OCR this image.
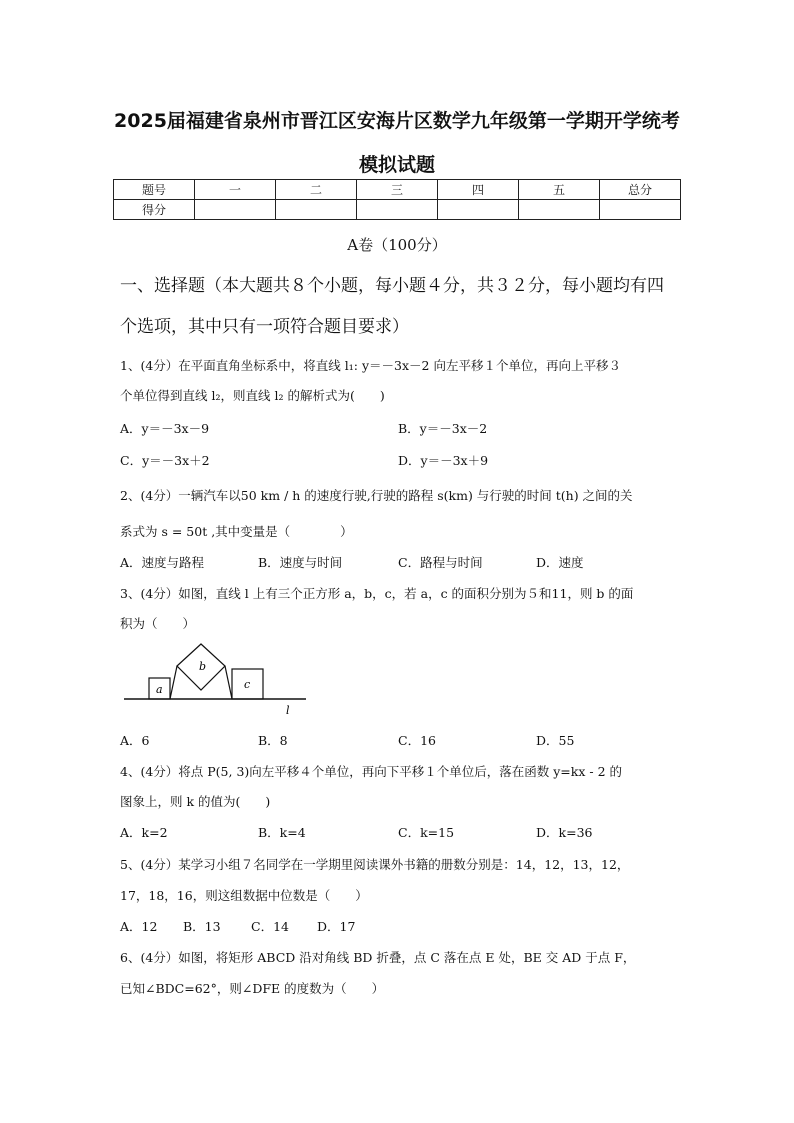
2025届福建省泉州市晋江区安海片区数学九年级第一学期开学统考
模拟试题
题号	一	二	三	四	五	总分
得分						
A卷（100分）
一、选择题（本大题共８个小题，每小题４分，共３２分，每小题均有四个选项，其中只有一项符合题目要求）
1、(4分）在平面直角坐标系中，将直线 l₁: y＝－3x－2 向左平移１个单位，再向上平移３
个单位得到直线 l₂，则直线 l₂ 的解析式为(　　)
A．y＝－3x－9	B．y＝－3x－2
C．y＝－3x＋2	D．y＝－3x＋9
2、(4分）一辆汽车以50 km / h 的速度行驶,行驶的路程 s(km) 与行驶的时间 t(h) 之间的关
系式为 s = 50t ,其中变量是（　　　　）
A．速度与路程	B．速度与时间	C．路程与时间	D．速度
3、(4分）如图，直线 l 上有三个正方形 a，b，c，若 a，c 的面积分别为５和11，则 b 的面
积为（　　）
a
b
c
l
A．6	B．8	C．16	D．55
4、(4分）将点 P(5, 3)向左平移４个单位，再向下平移１个单位后，落在函数 y=kx - 2 的
图象上，则 k 的值为(　　)
A．k=2	B．k=4	C．k=15	D．k=36
5、(4分）某学习小组７名同学在一学期里阅读课外书籍的册数分别是：14，12，13，12，
17，18，16，则这组数据中位数是（　　）
A．12 B．13 C．14 D．17
6、(4分）如图，将矩形 ABCD 沿对角线 BD 折叠，点 C 落在点 E 处，BE 交 AD 于点 F，
已知∠BDC=62°，则∠DFE 的度数为（　　）
